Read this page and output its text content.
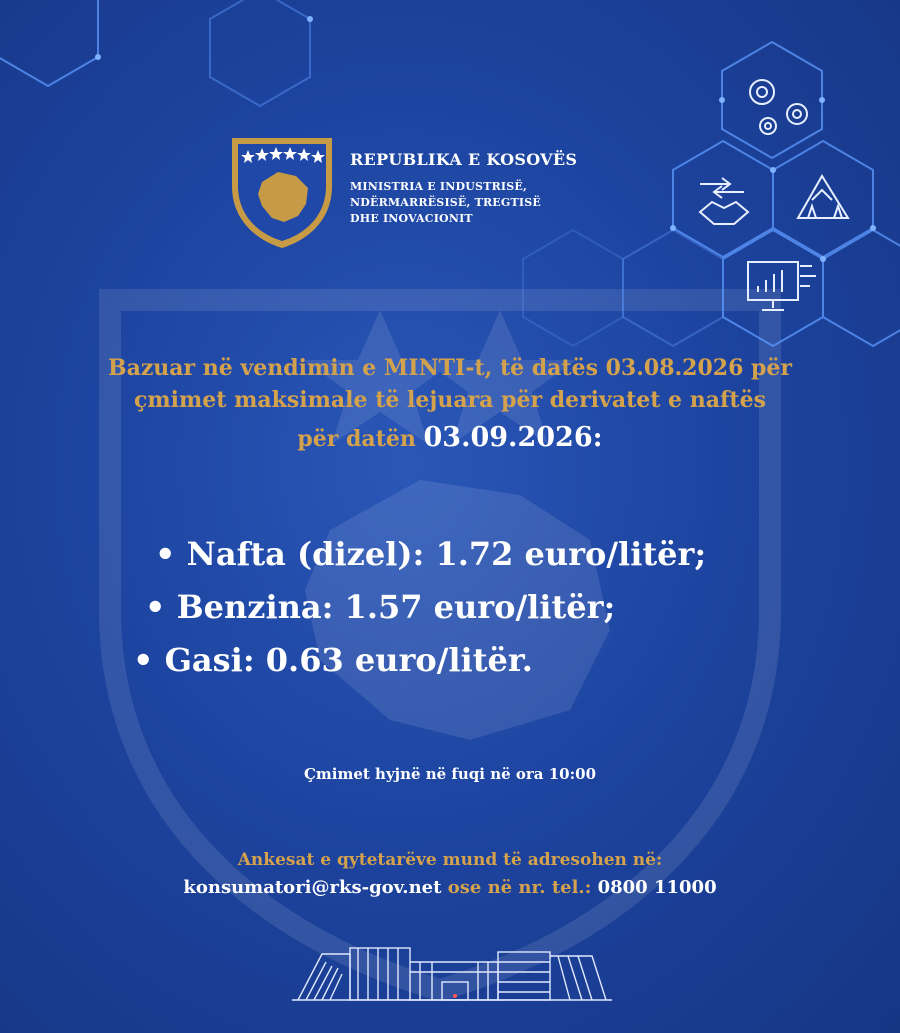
REPUBLIKA E KOSOVËS
MINISTRIA E INDUSTRISË,
NDËRMARRËSISË, TREGTISË
DHE INOVACIONIT
Bazuar në vendimin e MINTI-t, të datës 03.08.2026 për
çmimet maksimale të lejuara për derivatet e naftës
për datën 03.09.2026:
• Nafta (dizel): 1.72 euro/litër;
• Benzina: 1.57 euro/litër;
• Gasi: 0.63 euro/litër.
Çmimet hyjnë në fuqi në ora 10:00
Ankesat e qytetarëve mund të adresohen në:
konsumatori@rks-gov.net ose në nr. tel.: 0800 11000
